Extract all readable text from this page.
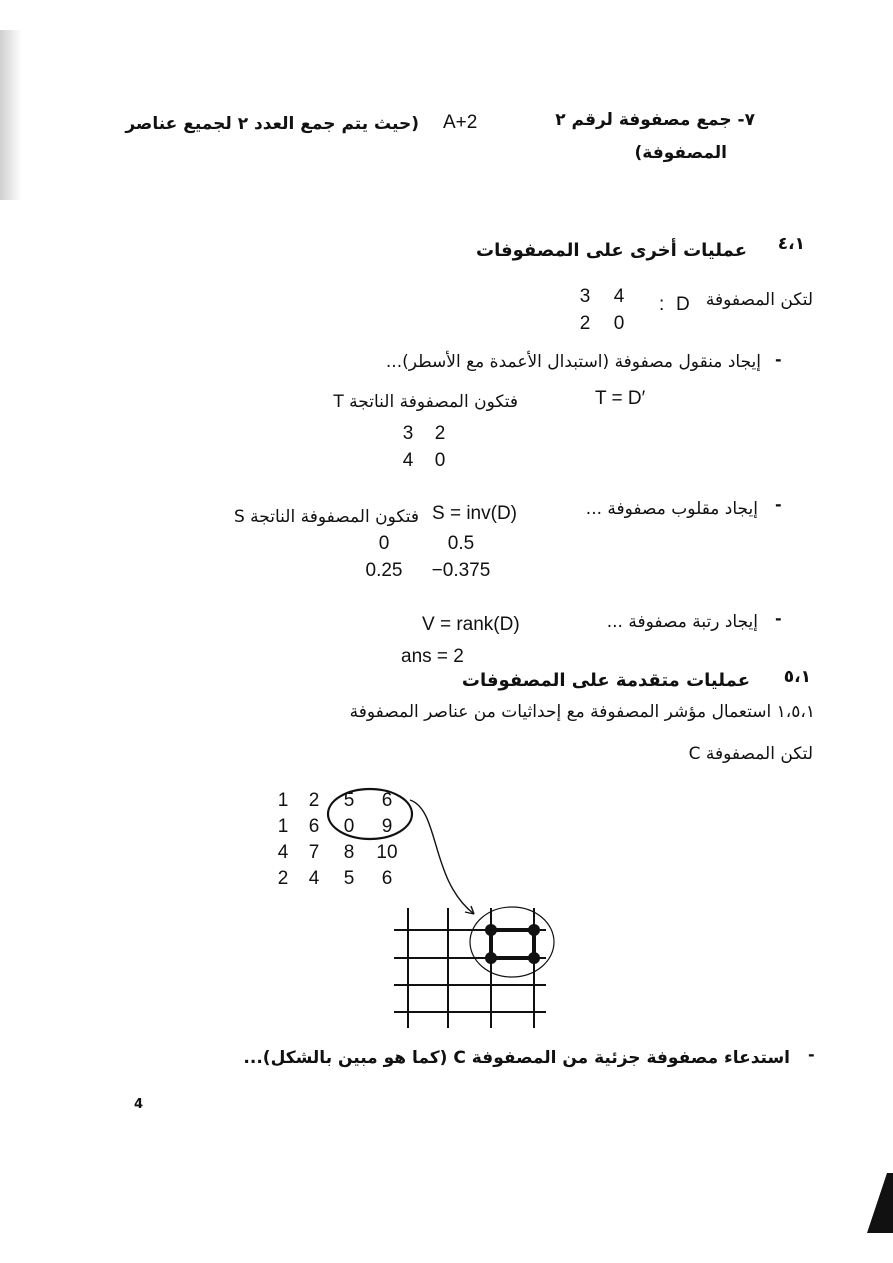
٧- جمع مصفوفة لرقم ٢
A+2
(حيث يتم جمع العدد ٢ لجميع عناصر
المصفوفة)
٤،١
عمليات أخرى على المصفوفات
لتكن المصفوفة
D
:
3 4
2 0
-
إيجاد منقول مصفوفة (استبدال الأعمدة مع الأسطر)...
فتكون المصفوفة الناتجة T	T = D′
3 2
4 0
-
إيجاد مقلوب مصفوفة ...
S = inv(D)
فتكون المصفوفة الناتجة S
0	0.5
0.25 −0.375
-
إيجاد رتبة مصفوفة ...
V = rank(D)
ans = 2
٥،١
عمليات متقدمة على المصفوفات
١،٥،١ استعمال مؤشر المصفوفة مع إحداثيات من عناصر المصفوفة
لتكن المصفوفة C
1 2 5 6
1 6 0 9
4 7 8 10
2 4 5 6
-
استدعاء مصفوفة جزئية من المصفوفة C (كما هو مبين بالشكل)...
4
